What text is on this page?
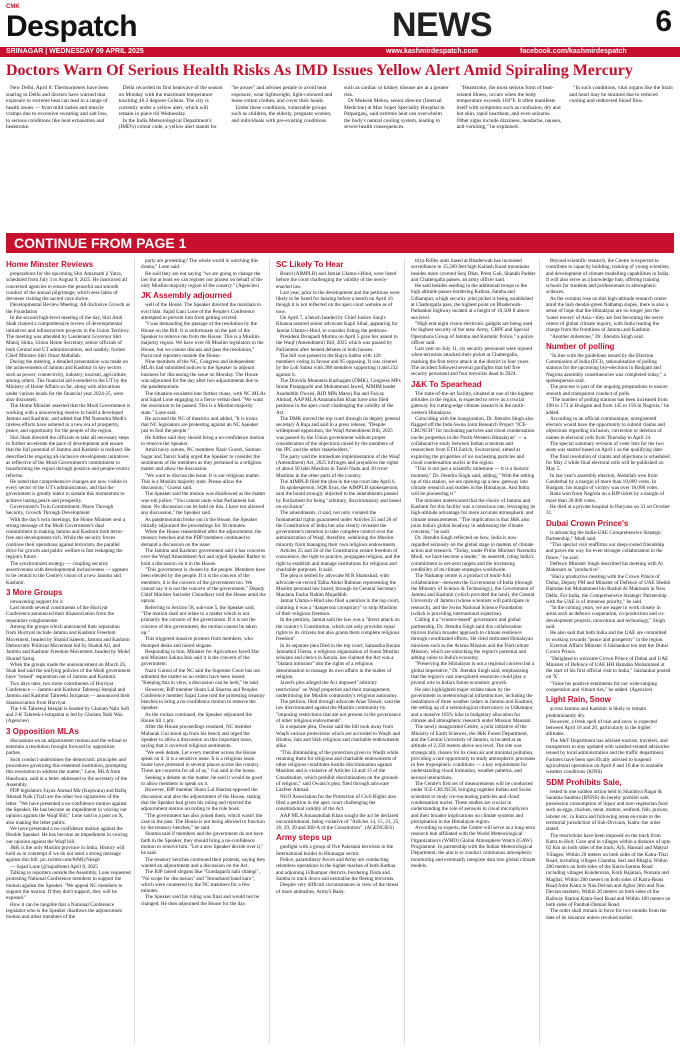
CMK
Despatch	NEWS	6
SRINAGAR | WEDNESDAY 09 APRIL 2025	www.kashmirdespatch.com	facebook.com/kashmirdespatch
Doctors Warn Of Serious Health Risks As IMD Issues Yellow Alert Amid Spiraling Mercury

New Delhi, April 8: Thermometers have been soaring in Delhi and doctors have warned that exposure to extreme heat can lead to a range of health issues — from mild rashes and muscle cramps due to excessive sweating and salt loss, to serious conditions like heat exhaustion and heatstroke.

Delhi recorded its first heatwave of the season on Monday with the maximum temperature touching 40.2 degrees Celsius. The city is currently under a yellow alert, which will remain in place till Wednesday.

In the India Meteorological Department's (IMD's) colour code, a yellow alert stands for "be aware" and advises people to avoid heat exposure, wear lightweight, light-coloured and loose cotton clothes, and cover their heads.

Under these conditions, vulnerable groups such as children, the elderly, pregnant women, and individuals with pre-existing conditions such as cardiac or kidney disease are at a greater risk.

Dr Mukesh Mehra, senior director (Internal Medicine) at Max Super Speciality Hospital in Patparganj, said extreme heat can overwhelm the body's natural cooling system, leading to severe health consequences.

"Heatstroke, the most serious form of heat-related illness, occurs when the body temperature exceeds 104°F. It often manifests itself with symptoms such as confusion, dry and hot skin, rapid heartbeat, and even seizures. Other signs include dizziness, headache, nausea, and vomiting," he explained.

"In such conditions, vital organs like the brain and heart may be strained due to reduced cooling and redirected blood flow.

CONTINUE FROM PAGE 1
Home Minster Reviews

preparations for the upcoming Shri Amarnath ji Yatra, scheduled from July 3 to August 9, 2025. He instructed all concerned agencies to ensure the peaceful and smooth conduct of the annual pilgrimage, which sees lakhs of devotees visiting the sacred cave shrine.

Developmental Review Meeting: All-Inclusive Growth as the Foundation

In the second high-level meeting of the day, Shri Amit Shah chaired a comprehensive review of developmental initiatives and infrastructure projects in the Union Territory. The meeting was attended by Lieutenant Governor Shri Manoj Sinha, Union Home Secretary, senior officials of both Central and UT administrations, and notably, former Chief Minister Shri Omar Abdullah.

During the meeting, a detailed presentation was made on the achievements of Jammu and Kashmir in key sectors such as power, connectivity, industry, tourism, agriculture, among others. The financial aid extended to the UT by the Ministry of Home Affairs so far, along with allocations under various heads for the financial year 2024-25, were also discussed.

The Home Minister asserted that the Modi Government is working with a unwavering resolve to build a developed Jammu and Kashmir, and added that PM Narendra Modi's tireless efforts have ushered in a new era of prosperity, peace, and opportunity for the people of the region.

Shri Shah directed the officials to take all necessary steps to further accelerate the pace of development and ensure that the full potential of Jammu and Kashmir is realized. He described the ongoing all-inclusive development initiatives as reflective of the Modi Government's commitment to transforming the region through positive and people-centric reforms.

He noted that comprehensive changes are now visible in every sector of the UT's administration, and that the government is greatly intent to sustain this momentum to achieve lasting peace and prosperity.

Government's Twin Commitment: Peace Through Security, Growth Through Development

With the day's twin meetings, the Home Minister sent a strong message of the Modi Government's dual commitment to making Jammu and Kashmir both terror-free and development-rich. While the security forces continue their operations against terrorism, the parallel drive for growth and public welfare is fast reshaping the region's future.

The synchronized strategy — coupling security assertiveness with developmental inclusiveness — appears to be central to the Centre's vision of a new Jammu and Kashmir.

3 More Groups

unwavering support for it.

Last month several constituents of the Hurriyat Conference announced their disassociation from the separatists conglomerate.

Among the groups which announced their separation from Hurriyat include Jammu and Kashmir Freedom Movement, headed by Shahid Saleem, Jammu and Kashmir Democratic Political Movement led by Shahid Ali, and Jammu and Kashmir Freedom Movement, headed by Mohd Sharief Sartaj.

When the groups made the announcement on March 26, Shah had said the unifying policies of the Modi government have "tossed" separatism out of Jammu and Kashmir.

Two days later, two more constituents of Hurriyat Conference — Jammu and Kashmir Tahreeqi Isteqlal and Jammu and Kashmir Tahreeki Istiqamat — announced their disassociation from Hurriyat.

The J-K Tahreeqi Isteqlal is headed by Ghulam Nabi Sofi and J-K Tahreek-i-Istiqamat is led by Ghulam Nabi War. (Agencies)

3 Opposition MLAs

discussions on an adjournment motion and the refusal to entertain a resolution brought forward by opposition parties.

Such conduct undermines the democratic principles and procedures governing this esteemed institution, prompting this resolution to address the matter," Lone, MLA from Handwara, said in a letter addressed to the secretary of the Assembly.

PDP legislators Fayaz Ahmad Mir (Kupwara) and Rafiq Ahmad Naik (Tral) are the other two signatories of the letter. "We have presented a no-confidence motion against the Speaker. He has become an impediment in voicing our opinion against the Waqf Bill," Lone said in a post on X, also making the letter public.

We have presented a no confidence motion against the Honble Speaker. He has become an impediment in voicing our opinion against the Waqf bill.

J&K is the only Muslim province in India. History will hold us in contempt if we do not send a strong message against this bill. pic.twitter.com/8rMIyNnegb

— Sajad Lone (@sajadlone) April 8, 2025

Talking to reporters outside the Assembly, Lone requested protesting National Conference members to support the motion against the Speaker. "We appeal NC members to support the motion. If they don't support, they will be exposed."

How it can be tangible that a National Conference legislator who is the Speaker disallows the adjournment motion and other members of the

party are protesting? The whole world is watching this drama," Lone said.

He said they are not saying "we are going to change the law but at least we can register our protest on behalf of the only Muslim-majority region of the country." (Agencies)

JK Assembly adjourned

well of the House. The Speaker directed the marshals to evict him. Sajad Gani Lone of the People's Conference attempted to prevent him from getting evicted.

"I was demanding the passage of the resolution by the House on the Bill. It is unfortunate on the part of the Speaker to remove me from the House. This is a Muslim-majority region. We have over 60 Muslim legislators in the House, but we cannot discuss and pass the resolution," Parra told reporters outside the House.

Nine members of the NC, Congress and Independent MLAs had submitted notices to the Speaker to adjourn business for discussing the issue on Monday. The House was adjourned for the day after two adjournments due to the pandemonium.

The situation escalated into further chaos, with NC MLAs and Sajad Lone engaging in a fierce verbal duel. "We want the resolution to be passed. This is a Muslim-majority state," Lone said.

He accused the NC of theatrics and added, "It is ironic that NC legislators are protesting against an NC Speaker just to fool the people."

He further said they should bring a no-confidence motion to remove the Speaker.

Amid noisy scenes, NC members Nazir Gurezi, Salman Sagar and Tanvir Sadiq urged the Speaker to consider the sentiments of the members as they pertained to a religious matter and allow the discussion.

"We want to discuss the issue. It is our religious matter. This is a Muslim majority state. Please allow the discussion," Gurezi said.

The Speaker said the motion was disallowed as the matter was sub judice. "You cannot undo what Parliament has done. No discussion can be held on this. I have not allowed any discussion," the Speaker said.

As pandemonium broke out in the House, the Speaker initially adjourned the proceedings for 30 minutes.

When the House reassembled after the adjournment, the treasury benches and the PDP members continued to demand a discussion on the issue.

The Jammu and Kashmir government said it has concerns over the Waqf Amendment Act and urged Speaker Rather to hold a discussion on it in the House.

"This government is chosen by the people. Members have been elected by the people. If it is the concern of the members, it is the concern of the government too. We cannot say it is not the concern of the government," Deputy Chief Minister Surinder Choudhary told the House amid the uproar.

Referring to Section 58, sub-rule 5, the Speaker said, "The motion shall not relate to a matter which is not primarily the concern of the government. If it is not the concern of this government, the motion cannot be taken up."

This triggered massive protests from members, who thumped desks and raised slogans.

Responding to him, Minister for Agriculture Javed Dar and Minister Sakina Itoo said it is the concern of the government.

Nazir Gurezi of the NC said the Supreme Court has not admitted the matter so no orders have been issued. "Keeping this in view, a discussion can be held," he said.

However, BJP member Sham Lal Sharma and Peoples Conference member Sajad Lone told the protesting treasury benches to bring a no-confidence motion to remove the Speaker.

As the ruckus continued, the Speaker adjourned the House till 1 pm.

After the House proceedings resumed, NC member Mubarak Gul stood up from his bench and urged the Speaker to allow a discussion on this important issue, saying that it involved religious sentiments.

"We seek debate. Let every member across the House speak on it. It is a sensitive issue. It is a religious issue. Some have protested in several places across the country. These are concerns for all of us," Gul said in the house.

Seeking a debate on the matter, he said it would be good to allow members to speak on it.

However, BJP member Sham Lal Sharma opposed the discussion and also the adjournment of the House, stating that the Speaker had given his ruling and rejected the adjournment motion according to the rule book.

"The government has also joined them, which wasn't the case in the past. The House is not being allowed to function by the treasury benches," he said.

Sharma said if members and the government do not have faith in the Speaker, they should bring a no-confidence motion to remove him. "Let a new Speaker decide over it," he said.

The treasury benches continued their protests, saying they wanted an adjournment and a discussion on the Act.

The BJP raised slogans like "Gundagardi nahi chalegi", "No scope for discussion" and "Imranband band karo", which were countered by the NC members for a few minutes.

The Speaker said his ruling was final and would not be changed. He then adjourned the House for the day.

SC Likely To Hear

Board (AIMPLB) and Jamiat Ulama-i-Hind, were listed before the court challenging the validity of the newly-enacted law.

Last year, prior to the development and the petitions were likely to be listed for hearing before a bench on April 16 though it is not reflected on the apex court website as of now.

On April 7, a bench headed by Chief Justice Sanjiv Khanna assured senior advocate Kapil Sibal, appearing for Jamiat Ulama-i-Hind, to consider listing the petitions.

President Droupadi Murmu on April 5 gave her assent to the Waqf (Amendment) Bill, 2025 which was passed by Parliament after heated debates in both houses.

The bill was passed in the Rajya Sabha with 128 members voting in favour and 95 opposing. It was cleared by the Lok Sabha with 288 members supporting it and 232 against it.

The Dravida Munnetra Kazhagam (DMK), Congress MPs Imran Pratapgarhi and Mohammad Jawed, AIMIM leader Asaduddin Owaisi, RJD MPs Manoj Jha and Faiyaz Ahmad, AAP MLA Amanatullah Khan have also filed petitions in the apex court challenging the validity of the Act.

The DMK moved the top court through its deputy general secretary A Raja and said in a press release, "Despite widespread opposition, the Waqf Amendment Bill, 2025 was passed by the Union government without proper consideration of the objections raised by the members of the JPC and the other stakeholders."

The party said the immediate implementation of the Waqf (Amendment) Act, 2025 infringes and prejudices the rights of about 50 lakh Muslims in Tamil Nadu and 20 crore Muslims in the other parts of the country.

The AIMPLB filed the plea in the top court late April 6.

Its spokesperson, SQR Ilyas, the AIMPLB spokesperson, said the board strongly objected to the amendments passed by Parliament for being "arbitrary, discriminatory and based on exclusion".

The amendments, it said, not only violated the fundamental rights guaranteed under Articles 25 and 26 of the Constitution of India but also clearly revealed the government's intention to take complete control over the administration of Waqf, therefore, sidelining the Muslim minority from managing their own religious endowments.

Articles 25 and 26 of the Constitution ensure freedom of conscience, the right to practice, propagate religion, and the right to establish and manage institutions for religious and charitable purposes. It said.

The plea is settled by advocate M R Shamshad, with advocate-on-record Talha Abdul Rahman representing the Muslim personal law board, through its General Secretary Maulana Fazlur Rahim Mujaddidi.

Jamiat Ulama-i-Hind also filed a petition in the top court, claiming it was a "dangerous conspiracy" to strip Muslims of their religious freedom.

In the petition, Jamiat said the law was a "direct attack on the country's Constitution, which not only provides equal rights to its citizens but also grants them complete religious freedom".

In its separate plea filed in the top court, Samastha Kerala Jamiathul Ulema, a religious organisation of Sunni Muslim scholars and clerics in Kerala, has claimed the Act was a "blatant intrusion" into the rights of a religious denomination to manage its own affairs in the matter of religion.

Javed's plea alleged the Act imposed "arbitrary restrictions" on Waqf properties and their management, undermining the Muslim community's religious autonomy.

The petition, filed through advocate Anas Tanwir, said the law discriminated against the Muslim community by "imposing restrictions that are not present in the governance of other religious endowments".

In a separate plea, Owaisi said the bill took away from Waqfs various protections which are accorded to Waqfs and Hindus, Jain and Sikh religious and charitable endowments alike.

"This diminishing of the protection given to Waqfs while retaining them for religious and charitable endowments of other religions constitutes hostile discrimination against Muslims and is violative of Articles 14 and 15 of the Constitution, which prohibit discrimination on the grounds of religion," said Owaisi's plea, filed through advocate Lazfeer Ahmad.

NGO Association for the Protection of Civil Rights also filed a petition in the apex court challenging the constitutional validity of the Act.

AAP MLA Amanatullah Khan sought the act be declared unconstitutional, being violative of "Articles 14, 15, 21, 25, 26, 29, 30 and 300-A of the Constitution". (AGENCIES)

Army steps up

gunfight with a group of five Pakistani terrorists in the International border in Hiranagar sector.

Police, paramilitary forces and Army are conducting relentless operations in the higher reaches of both Kathua and adjoining Udhampur districts, bordering Doda and Samba to track down and neutralise the fleeing terrorists.

Despite very difficult circumstances in view of the threat of more ambushes, Army's Rash-

triya Rifles units based at Bhaderwah has increased surveillance in 15,500 feet high Kailash Kund mountains besides more covered Seoj Dhar, Prem Gali, Shankh Padder and Chattergalla passes, an army officer said.

He said besides sending in the additional troops to the high altitude passes bordering Kathua, Samba and Udhampur, a high security joint picket is being established at Chattergalla pass, the highest point on Bhaderwah-Pathankot highway located at a height of 10,500 ft above sea level.

"High end night vision electronic gadgets are being used for highest security of the area. Army, CRPF and Special Operations Group of Jammu and Kashmir Police," a police officer said.

Last year on July 11, six security personnel were injured when terrorists attacked their picket at Chattergalla, marking the first terror attack in the district in four years. The incident followed several gunfights that left five security personnel and four terrorists dead in 2024.

J&K To Spearhead

The state-of-the-art facility, situated at one of the highest altitudes in the region, is expected to serve as a crucial gateway for cutting-edge climate research in the north-western Himalayas.

Coinciding with the inauguration, Dr. Jitendra Singh also flagged off the Indo-Swiss Joint Research Project "ICE-CRUNCH" for nucleating particles and cloud condensation nuclei properties in the North-Western Himalayas" — a collaborative study between Indian scientists and researchers from ETH Zurich, Switzerland, aimed at exploring the properties of ice nucleating particles and cloud condensation nuclei in the region.

"This is not just a scientific milestone — it is a historic moment," Dr. Jitendra Singh said, adding, "With the setting up of this station, we are opening up a new gateway into climate research and studies in the Himalayas. And India will be pioneering it."

The minister underscored that the choice of Jammu and Kashmir for this facility was a conscious one, leveraging its high-altitude advantage for more accurate atmospheric and climate measurements. "The implication is that J&K also joins India's global headway in addressing the climate concerns," he said.

Dr. Jitendra Singh reflected on how, India is now regarded seriously on the global stage in matters of climate action and research. "Today, under Prime Minister Narendra Modi, we have become a leader," he asserted, citing India's commitment to net-zero targets and the increasing credibility of its climate strategies worldwide.

The Nathatop centre is a product of multi-fold collaboration—between the Government of India (through the Ministry of Science & Technology), the Government of Jammu and Kashmir (which provided the land), the Central University of Jammu (whose scientists will participate in research), and the Swiss National Science Foundation (which is providing international expertise).

Calling it a "science-based" governance and global partnership, Dr. Jitendra Singh said this collaboration mirrors India's broader approach to climate resilience through coordinated efforts. He cited dedicated Himalayan missions such as the Aroma Mission and the Floriculture Mission, which are unlocking the region's potential and adding value to India's economy.

"Preserving the Himalayas is not a regional concern but a global imperative," Dr. Jitendra Singh said, emphasizing that the region's vast unexplored resources could play a pivotal role in India's future economic growth.

He also highlighted major strides taken by the government in meteorological infrastructure, including the installation of three weather radars in Jammu and Kashmir, the setting up of a seismological observatory in Udhampur, and a massive 185% hike in budgetary allocation for climate and atmospheric research under Mission Mausam.

The newly inaugurated Centre, a joint initiative of the Ministry of Earth Sciences, the J&K Forest Department, and the Central University of Jammu, is located at an altitude of 2,250 meters above sea level. The site was strategically chosen for its clean air and minimal pollution, providing a rare opportunity to study atmospheric processes in free tropospheric conditions — a key requirement for understanding cloud formation, weather patterns, and aerosol interactions.

The Centre's first set of measurements will be conducted under ICE-CRUNCH, bringing together Indian and Swiss scientists to study ice-nucleating particles and cloud condensation nuclei. These studies are crucial in understanding the role of aerosols in cloud microphysics and their broader implications on climate systems and precipitation in the Himalayan region.

According to experts, the Centre will serve as a long-term research hub affiliated with the World Meteorological Organization's (WMO) Global Atmosphere Watch (GAW) Programme. In partnership with the Indian Meteorological Department, the aim is to conduct continuous atmospheric monitoring and eventually integrate data into global climate models.

Beyond scientific research, the Centre is expected to contribute to capacity building, training of young scientists, and development of climate modelling capabilities in India. It will also serve as a knowledge hub, offering training schools for students and professionals in atmospheric sciences.

As the curtains rose on this high-altitude research centre amid the lush deodar-green Nathatop slopes, there is also a sense of hope that the Himalayas are no longer just the 'water towers' of Asia—they are fast becoming the nerve centre of global climate inquiry, with India leading the charge from the frontlines of Jammu and Kashmir.

"Another milestone," Dr. Jitendra Singh said.

Number of polling

"In line with the guidelines issued by the Election Commission of India (ECI), rationalisation of polling stations for the upcoming bye-elections in Budgam and Nagrota assembly constituencies was completed today," a spokesperson said.

The process is part of the ongoing preparations to ensure smooth and transparent conduct of polls.

"The number of polling stations has been increased from 198 to 173 in Budgam and from 145 to 150 in Nagrota," he added.

According to an official communique, unregistered electors would have the opportunity to submit claims and objections regarding inclusion, correction or deletion of names in electoral rolls from Thursday to April 24.

The special summary revision of voter lists for the two seats was started based on April 1 as the qualifying date.

The final resolution of claims and objections is scheduled for May 2 while final electoral rolls will be published on May 5.

In last year's assembly election, Abdullah won from Ganderbal by a margin of more than 18,000 votes. In Budgam, his margin of victory was over 18,000 votes.

Rana won from Nagrota on a BJP ticket by a margin of more than 30,000 votes.

He died at a private hospital in Haryana on 31 on October 31.

Dubai Crown Prince's

is advancing the India-UAE Comprehensive Strategic Partnership," Modi said.

"This special visit reaffirms our deep-rooted friendship and paves the way for even stronger collaboration in the future," he said.

Defence Minister Singh described his meeting with Al Maktoum as "productive".

"Had a productive meeting with the Crown Prince of Dubai, Deputy PM and Minister of Defence of UAE Sheikh Hamdan bin Mohammed bin Rashid Al Maktoum in New Delhi. For India, the Comprehensive Strategic Partnership with the UAE is of immense priority," he said.

"In the coming years, we are eager to work closely in areas such as defence cooperation, co-production and co-development projects, innovation and technology," Singh said.

He also said that both India and the UAE are committed to working towards "peace and prosperity" in the region.

External Affairs Minister S Jaishankar too met the Dubai Crown Prince.

"Delighted to welcome Crown Prince of Dubai and UAE Minister of Defence of UAE HH Hamdan Mohammed at the start of his first official visit to India," Jaishankar posted on 'X'.

"Value his positive sentiments for our wide-ranging cooperation and vibrant ties," he added. (Agencies)

Light Rain, Snow

across Jammu and Kashmir is likely to remain predominantly dry.

However, a fresh spell of rain and snow is expected between April 18 and 20, particularly in the higher altitudes.

The MeT Department has advised tourists, travelers, and transporters to stay updated with weather-related advisories issued by local administration and the traffic department. Farmers have been specifically advised to suspend agricultural operations on April 8 and 10 due to unstable weather conditions (KINS)

SDM Prohibits Sale,

tested in one sudden action held in Sharatiya Nagar & Sarakha Sanbhia (BNNS) do hereby prohibit sale, possession consumption of liquor and non-vegetarian food such as eggs, chicken, meat, mutton, seafood, fish, prawns, lobster etc. in Katra and following areas en-route to the territorial jurisdiction of Sub-Division, Katra: the order stated.

The restrictions have been imposed on the track from Katra to Holy Cave and in villages within a distance of upto 02 Km on both sides of the track; Arli, Hansali and Matyal Villages; Within 20 meters on both sides of the Katra-Tikri Road, including villages Chamba, Seri and Bhagla; Within 200 meters on both sides of the Katra-Jammu Road including villages Kunderoran, Kotli Bajalian, Nomain and Maghal; Within 200 meters on both sides of Katra-Reasi Road from Katra to Nau Devian and Aghar Jitto and Nau Devian markets; Within 20 meters on both sides of the Railway Station Katra-Sool Road and Within 100 meters on both sides of Panthal-Domail Road.

The order shall remain in force for two months from the date of its issuance unless revoked earlier.
